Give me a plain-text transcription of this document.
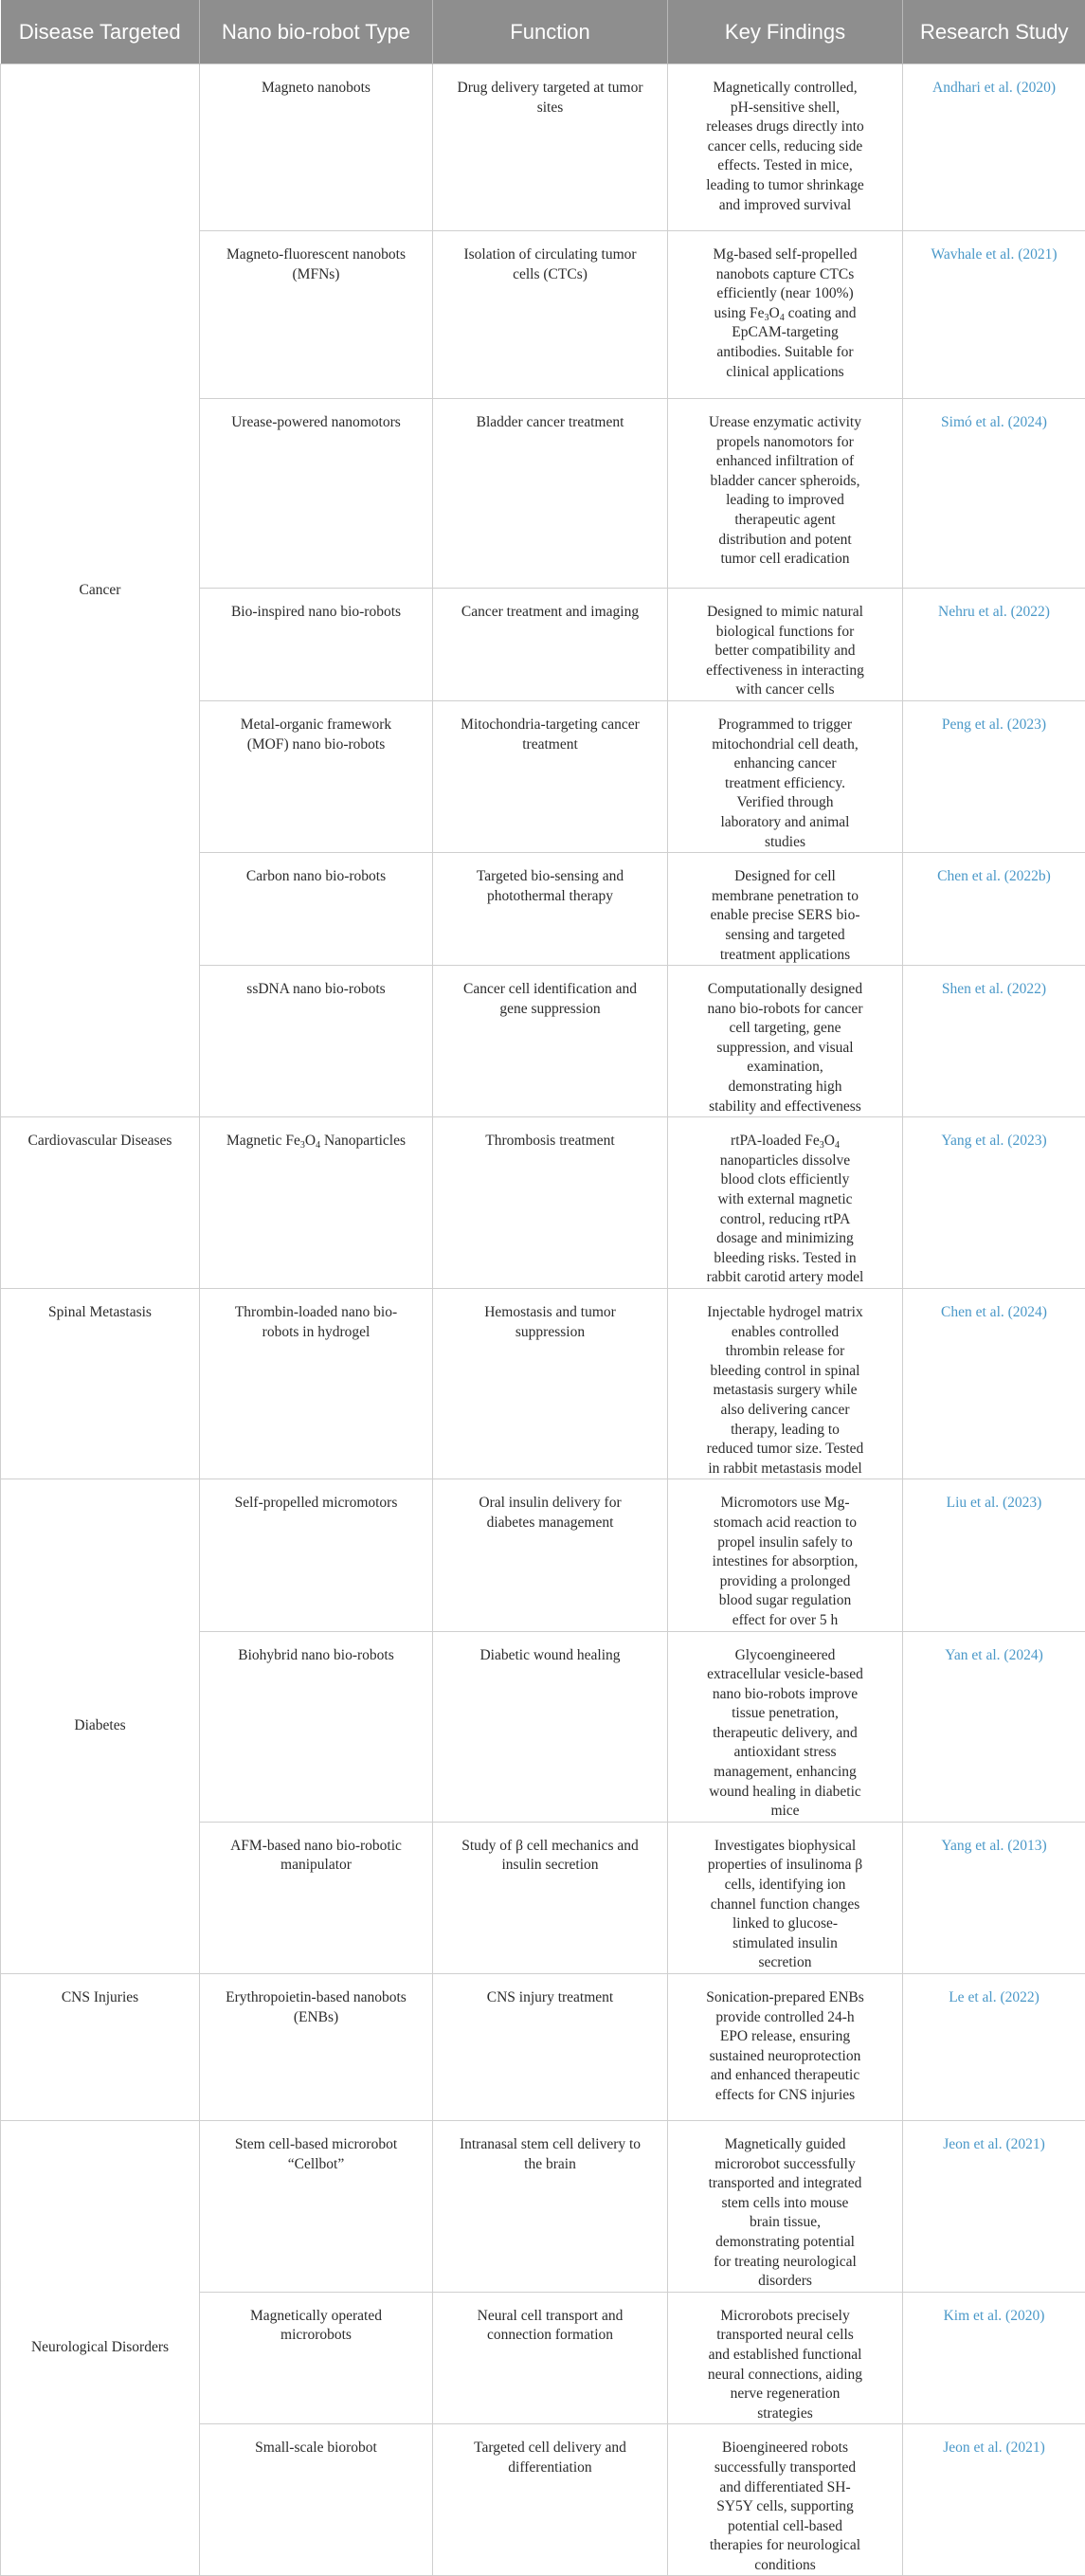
Disease Targeted	Nano bio-robot Type	Function	Key Findings	Research Study
Cancer	Magneto nanobots	Drug delivery targeted at tumor sites	Magnetically controlled, pH-sensitive shell, releases drugs directly into cancer cells, reducing side effects. Tested in mice, leading to tumor shrinkage and improved survival	Andhari et al. (2020)
	Magneto-fluorescent nanobots (MFNs)	Isolation of circulating tumor cells (CTCs)	Mg-based self-propelled nanobots capture CTCs efficiently (near 100%) using $Fe_3O_4$ coating and EpCAM-targeting antibodies. Suitable for clinical applications	Wavhale et al. (2021)
	Urease-powered nanomotors	Bladder cancer treatment	Urease enzymatic activity propels nanomotors for enhanced infiltration of bladder cancer spheroids, leading to improved therapeutic agent distribution and potent tumor cell eradication	Simó et al. (2024)
	Bio-inspired nano bio-robots	Cancer treatment and imaging	Designed to mimic natural biological functions for better compatibility and effectiveness in interacting with cancer cells	Nehru et al. (2022)
	Metal-organic framework (MOF) nano bio-robots	Mitochondria-targeting cancer treatment	Programmed to trigger mitochondrial cell death, enhancing cancer treatment efficiency. Verified through laboratory and animal studies	Peng et al. (2023)
	Carbon nano bio-robots	Targeted bio-sensing and photothermal therapy	Designed for cell membrane penetration to enable precise SERS bio-sensing and targeted treatment applications	Chen et al. (2022b)
	ssDNA nano bio-robots	Cancer cell identification and gene suppression	Computationally designed nano bio-robots for cancer cell targeting, gene suppression, and visual examination, demonstrating high stability and effectiveness	Shen et al. (2022)
Cardiovascular Diseases	Magnetic $Fe_3O_4$ Nanoparticles	Thrombosis treatment	rtPA-loaded $Fe_3O_4$ nanoparticles dissolve blood clots efficiently with external magnetic control, reducing rtPA dosage and minimizing bleeding risks. Tested in rabbit carotid artery model	Yang et al. (2023)
Spinal Metastasis	Thrombin-loaded nano bio-robots in hydrogel	Hemostasis and tumor suppression	Injectable hydrogel matrix enables controlled thrombin release for bleeding control in spinal metastasis surgery while also delivering cancer therapy, leading to reduced tumor size. Tested in rabbit metastasis model	Chen et al. (2024)
Diabetes	Self-propelled micromotors	Oral insulin delivery for diabetes management	Micromotors use Mg-stomach acid reaction to propel insulin safely to intestines for absorption, providing a prolonged blood sugar regulation effect for over 5 h	Liu et al. (2023)
	Biohybrid nano bio-robots	Diabetic wound healing	Glycoengineered extracellular vesicle-based nano bio-robots improve tissue penetration, therapeutic delivery, and antioxidant stress management, enhancing wound healing in diabetic mice	Yan et al. (2024)
	AFM-based nano bio-robotic manipulator	Study of β cell mechanics and insulin secretion	Investigates biophysical properties of insulinoma β cells, identifying ion channel function changes linked to glucose-stimulated insulin secretion	Yang et al. (2013)
CNS Injuries	Erythropoietin-based nanobots (ENBs)	CNS injury treatment	Sonication-prepared ENBs provide controlled 24-h EPO release, ensuring sustained neuroprotection and enhanced therapeutic effects for CNS injuries	Le et al. (2022)
Neurological Disorders	Stem cell-based microrobot “Cellbot”	Intranasal stem cell delivery to the brain	Magnetically guided microrobot successfully transported and integrated stem cells into mouse brain tissue, demonstrating potential for treating neurological disorders	Jeon et al. (2021)
	Magnetically operated microrobots	Neural cell transport and connection formation	Microrobots precisely transported neural cells and established functional neural connections, aiding nerve regeneration strategies	Kim et al. (2020)
	Small-scale biorobot	Targeted cell delivery and differentiation	Bioengineered robots successfully transported and differentiated SH-SY5Y cells, supporting potential cell-based therapies for neurological conditions	Jeon et al. (2021)
